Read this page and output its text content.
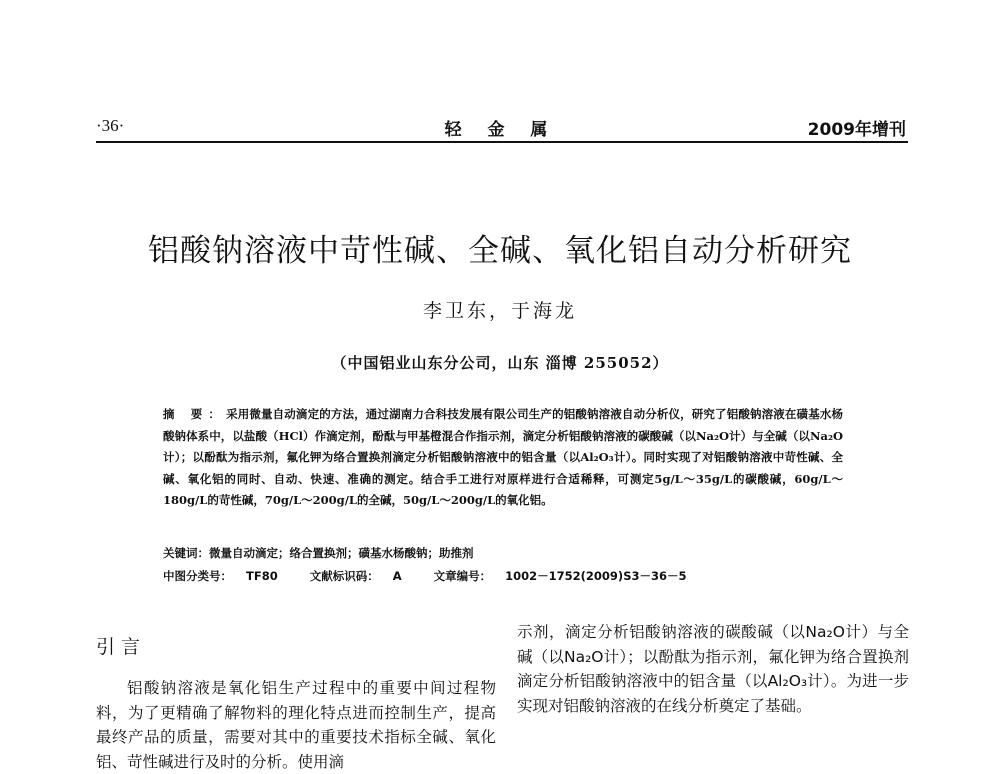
·36·	轻 金 属	2009年增刊
铝酸钠溶液中苛性碱、全碱、氧化铝自动分析研究
李卫东，于海龙
（中国铝业山东分公司，山东 淄博 255052）
摘 要：采用微量自动滴定的方法，通过湖南力合科技发展有限公司生产的铝酸钠溶液自动分析仪，研究了铝酸钠溶液在磺基水杨酸钠体系中，以盐酸（HCl）作滴定剂，酚酞与甲基橙混合作指示剂，滴定分析铝酸钠溶液的碳酸碱（以Na₂O计）与全碱（以Na₂O计）；以酚酞为指示剂，氟化钾为络合置换剂滴定分析铝酸钠溶液中的铝含量（以Al₂O₃计）。同时实现了对铝酸钠溶液中苛性碱、全碱、氧化铝的同时、自动、快速、准确的测定。结合手工进行对原样进行合适稀释，可测定5g/L～35g/L的碳酸碱，60g/L～180g/L的苛性碱，70g/L～200g/L的全碱，50g/L～200g/L的氧化铝。
关键词：微量自动滴定；络合置换剂；磺基水杨酸钠；助推剂
中图分类号： TF80	文献标识码： A	文章编号： 1002－1752(2009)S3－36－5
引言

铝酸钠溶液是氧化铝生产过程中的重要中间过程物料，为了更精确了解物料的理化特点进而控制生产，提高最终产品的质量，需要对其中的重要技术指标全碱、氧化铝、苛性碱进行及时的分析。使用滴

示剂，滴定分析铝酸钠溶液的碳酸碱（以Na₂O计）与全碱（以Na₂O计）；以酚酞为指示剂，氟化钾为络合置换剂滴定分析铝酸钠溶液中的铝含量（以Al₂O₃计）。为进一步实现对铝酸钠溶液的在线分析奠定了基础。
